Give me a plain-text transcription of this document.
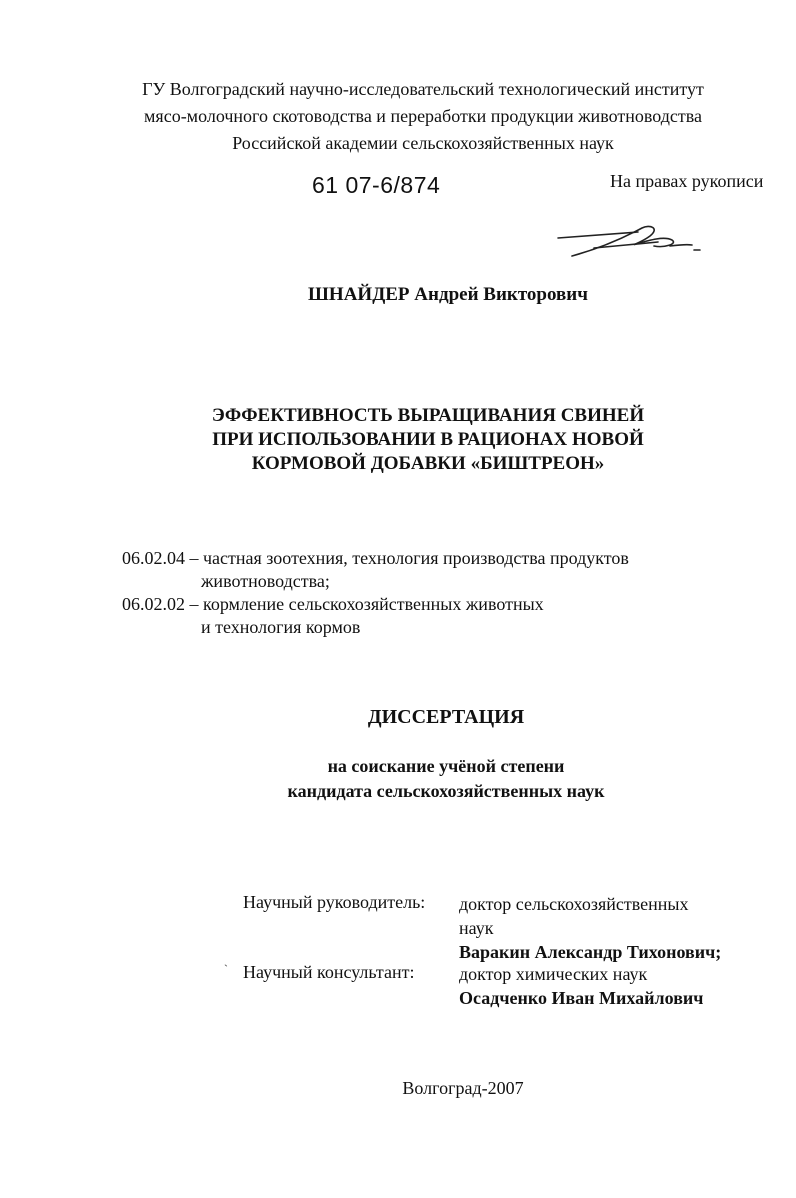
ГУ Волгоградский научно-исследовательский технологический институт
мясо-молочного скотоводства и переработки продукции животноводства
Российской академии сельскохозяйственных наук
61 07-6/874	На правах рукописи
ШНАЙДЕР Андрей Викторович
ЭФФЕКТИВНОСТЬ ВЫРАЩИВАНИЯ СВИНЕЙ
ПРИ ИСПОЛЬЗОВАНИИ В РАЦИОНАХ НОВОЙ
КОРМОВОЙ ДОБАВКИ «БИШТРЕОН»
06.02.04 – частная зоотехния, технология производства продуктов
животноводства;
06.02.02 – кормление сельскохозяйственных животных
и технология кормов
ДИССЕРТАЦИЯ
на соискание учёной степени
кандидата сельскохозяйственных наук
Научный руководитель: доктор сельскохозяйственных
наук
Варакин Александр Тихонович;
` Научный консультант: доктор химических наук
Осадченко Иван Михайлович
Волгоград-2007
